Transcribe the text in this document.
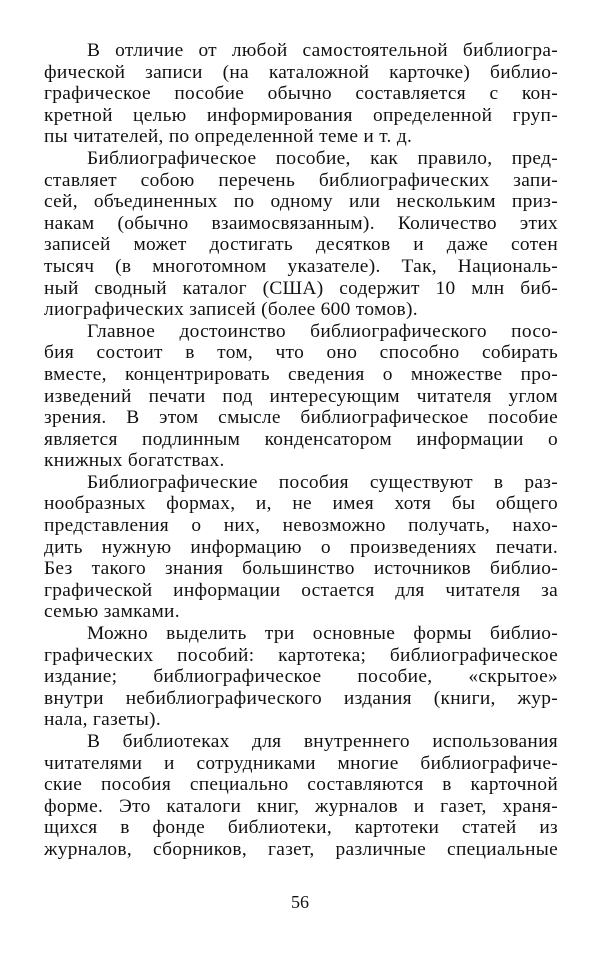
В отличие от любой самостоятельной библиогра-
фической записи (на каталожной карточке) библио-
графическое пособие обычно составляется с кон-
кретной целью информирования определенной груп-
пы читателей, по определенной теме и т. д.
Библиографическое пособие, как правило, пред-
ставляет собою перечень библиографических запи-
сей, объединенных по одному или нескольким приз-
накам (обычно взаимосвязанным). Количество этих
записей может достигать десятков и даже сотен
тысяч (в многотомном указателе). Так, Националь-
ный сводный каталог (США) содержит 10 млн биб-
лиографических записей (более 600 томов).
Главное достоинство библиографического посо-
бия состоит в том, что оно способно собирать
вместе, концентрировать сведения о множестве про-
изведений печати под интересующим читателя углом
зрения. В этом смысле библиографическое пособие
является подлинным конденсатором информации о
книжных богатствах.
Библиографические пособия существуют в раз-
нообразных формах, и, не имея хотя бы общего
представления о них, невозможно получать, нахо-
дить нужную информацию о произведениях печати.
Без такого знания большинство источников библио-
графической информации остается для читателя за
семью замками.
Можно выделить три основные формы библио-
графических пособий: картотека; библиографическое
издание; библиографическое пособие, «скрытое»
внутри небиблиографического издания (книги, жур-
нала, газеты).
В библиотеках для внутреннего использования
читателями и сотрудниками многие библиографиче-
ские пособия специально составляются в карточной
форме. Это каталоги книг, журналов и газет, храня-
щихся в фонде библиотеки, картотеки статей из
журналов, сборников, газет, различные специальные
56
